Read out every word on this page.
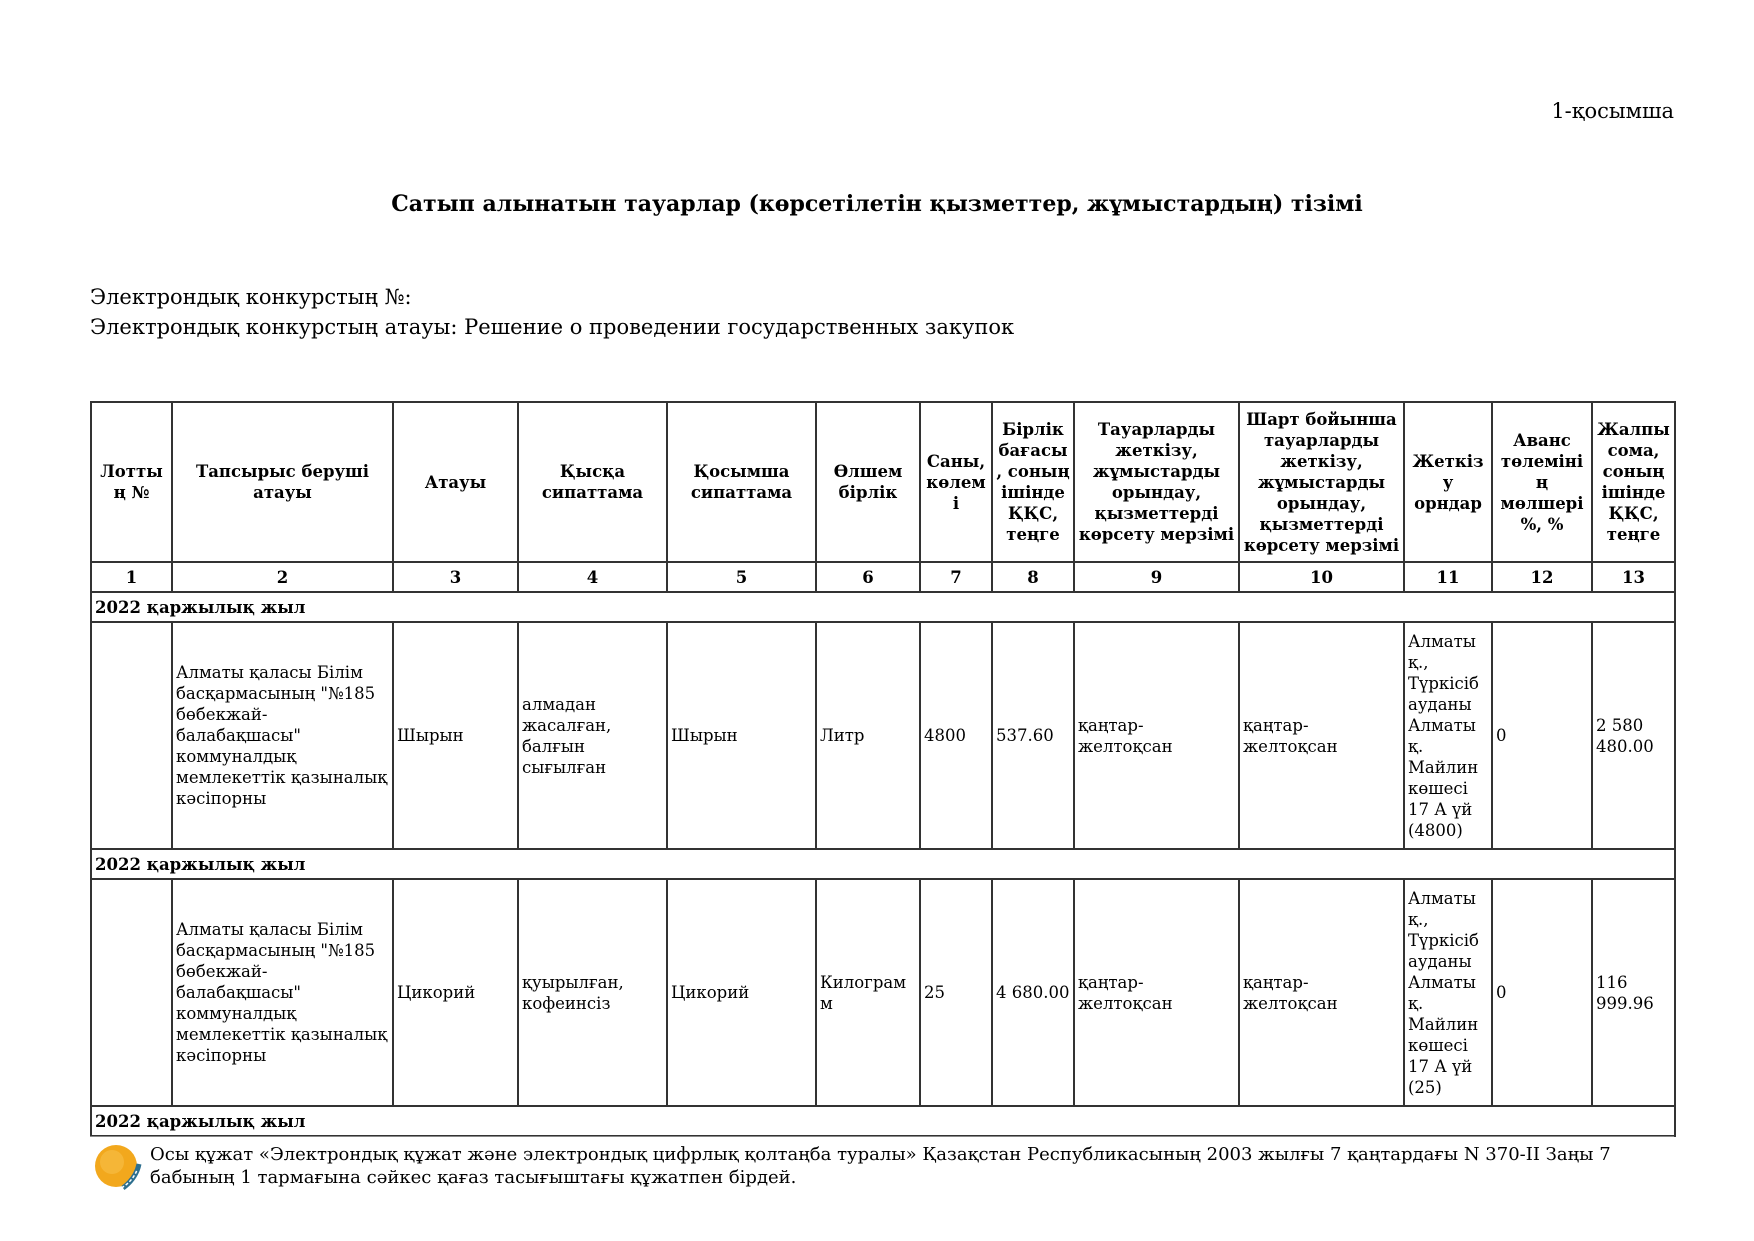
1-қосымша
Сатып алынатын тауарлар (көрсетілетін қызметтер, жұмыстардың) тізімі
Электрондық конкурстың №:
Электрондық конкурстың атауы: Решение о проведении государственных закупок
Лоттың №	Тапсырыс беруші атауы	Атауы	Қысқа сипаттама	Қосымша сипаттама	Өлшем бірлік	Саны, көлемі	Бірлік бағасы, соның ішінде ҚҚС, теңге	Тауарларды жеткізу, жұмыстарды орындау, қызметтерді көрсету мерзімі	Шарт бойынша тауарларды жеткізу, жұмыстарды орындау, қызметтерді көрсету мерзімі	Жеткізу орндар	Аванс төлемінің мөлшері %, %	Жалпы сома, соның ішінде ҚҚС, теңге
1	2	3	4	5	6	7	8	9	10	11	12	13
2022 қаржылық жыл												
	Алматы қаласы Білім басқармасының "№185 бөбекжай-балабақшасы" коммуналдық мемлекеттік қазыналық кәсіпорны	Шырын	алмадан жасалған, балғын сығылған	Шырын	Литр	4800	537.60	қаңтар-желтоқсан	қаңтар-желтоқсан	Алматы қ., Түркісіб ауданы Алматы қ. Майлин көшесі 17 А үй (4800)	0	2 580 480.00
2022 қаржылық жыл												
	Алматы қаласы Білім басқармасының "№185 бөбекжай-балабақшасы" коммуналдық мемлекеттік қазыналық кәсіпорны	Цикорий	қуырылған, кофеинсіз	Цикорий	Килограмм	25	4 680.00	қаңтар-желтоқсан	қаңтар-желтоқсан	Алматы қ., Түркісіб ауданы Алматы қ. Майлин көшесі 17 А үй (25)	0	116 999.96
2022 қаржылық жыл												
Осы құжат «Электрондық құжат және электрондық цифрлық қолтаңба туралы» Қазақстан Республикасының 2003 жылғы 7 қаңтардағы N 370-II Заңы 7 бабының 1 тармағына сәйкес қағаз тасығыштағы құжатпен бірдей.
